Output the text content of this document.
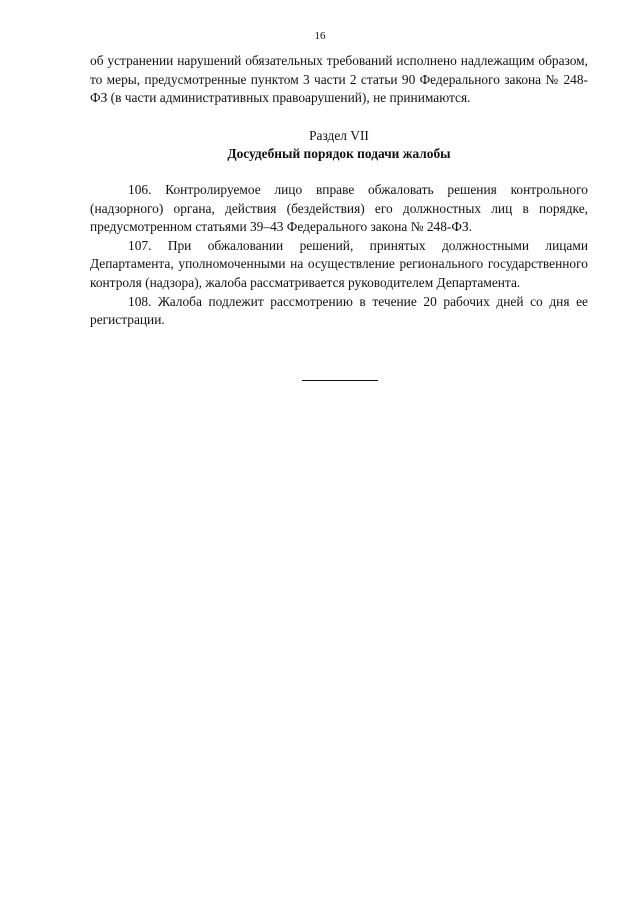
16

об устранении нарушений обязательных требований исполнено надлежащим образом, то меры, предусмотренные пунктом 3 части 2 статьи 90 Федерального закона № 248-ФЗ (в части административных правоарушений), не принимаются.

Раздел VII
Досудебный порядок подачи жалобы

106. Контролируемое лицо вправе обжаловать решения контрольного (надзорного) органа, действия (бездействия) его должностных лиц в порядке, предусмотренном статьями 39–43 Федерального закона № 248-ФЗ.

107. При обжаловании решений, принятых должностными лицами Департамента, уполномоченными на осуществление регионального государственного контроля (надзора), жалоба рассматривается руководителем Департамента.

108. Жалоба подлежит рассмотрению в течение 20 рабочих дней со дня ее регистрации.
